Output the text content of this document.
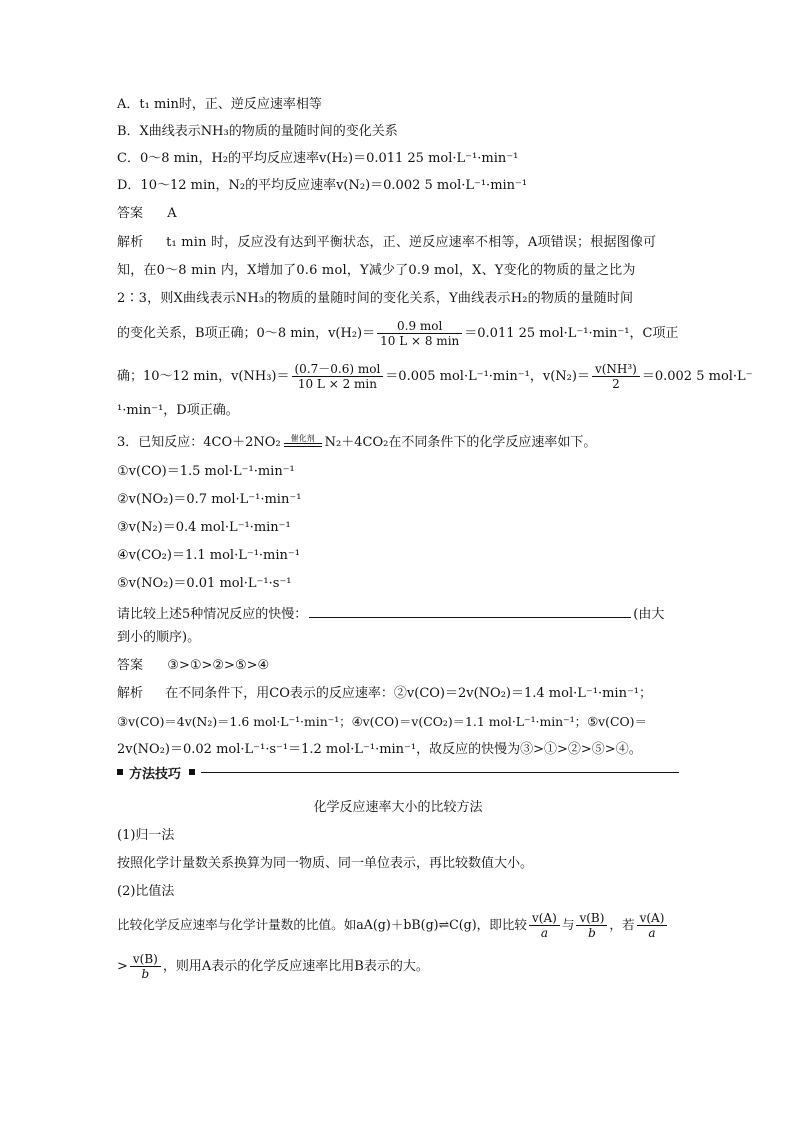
A．t₁ min时，正、逆反应速率相等
B．X曲线表示NH₃的物质的量随时间的变化关系
C．0～8 min，H₂的平均反应速率v(H₂)＝0.011 25 mol·L⁻¹·min⁻¹
D．10～12 min，N₂的平均反应速率v(N₂)＝0.002 5 mol·L⁻¹·min⁻¹
答案 A
解析 t₁ min 时，反应没有达到平衡状态，正、逆反应速率不相等，A项错误；根据图像可
知，在0～8 min 内，X增加了0.6 mol，Y减少了0.9 mol，X、Y变化的物质的量之比为
2∶3，则X曲线表示NH₃的物质的量随时间的变化关系，Y曲线表示H₂的物质的量随时间
的变化关系，B项正确；0～8 min，$v(H_2)= \frac{\text{0.9 mol}}{10 L \times 8 \min} =0.011$ 25 mol·L⁻¹·min⁻¹，C项正
确；10～12 min，$v(NH_3)= \frac{\text{(0.7－0.6) mol}}{10 L \times 2 \min} =0.005$ mol·L⁻¹·min⁻¹，$v(N_2)= \frac{\text{v(NH³)}}{2} =0.002$ 5 mol·L⁻
¹·min⁻¹，D项正确。
3．已知反应：4CO＋2NO₂	催化剂 N₂＋4CO₂在不同条件下的化学反应速率如下。
①v(CO)＝1.5 mol·L⁻¹·min⁻¹
②v(NO₂)＝0.7 mol·L⁻¹·min⁻¹
③v(N₂)＝0.4 mol·L⁻¹·min⁻¹
④v(CO₂)＝1.1 mol·L⁻¹·min⁻¹
⑤v(NO₂)＝0.01 mol·L⁻¹·s⁻¹
请比较上述5种情况反应的快慢：	(由大
到小的顺序)。
答案 ③>①>②>⑤>④
解析 在不同条件下，用CO表示的反应速率：②v(CO)＝2v(NO₂)＝1.4 mol·L⁻¹·min⁻¹；
③v(CO)＝4v(N₂)＝1.6 mol·L⁻¹·min⁻¹；④v(CO)＝v(CO₂)＝1.1 mol·L⁻¹·min⁻¹；⑤v(CO)＝
2v(NO₂)＝0.02 mol·L⁻¹·s⁻¹＝1.2 mol·L⁻¹·min⁻¹，故反应的快慢为③>①>②>⑤>④。
方法技巧
化学反应速率大小的比较方法
(1)归一法
按照化学计量数关系换算为同一物质、同一单位表示，再比较数值大小。
(2)比值法
比较化学反应速率与化学计量数的比值。如aA(g)＋bB(g)⇌C(g)，即比较 $\frac{v(A)}{a}$ 与 $\frac{v(B)}{b}$ ，若 $\frac{v(A)}{a}$
> $\frac{v(B)}{b}$ ，则用A表示的化学反应速率比用B表示的大。
